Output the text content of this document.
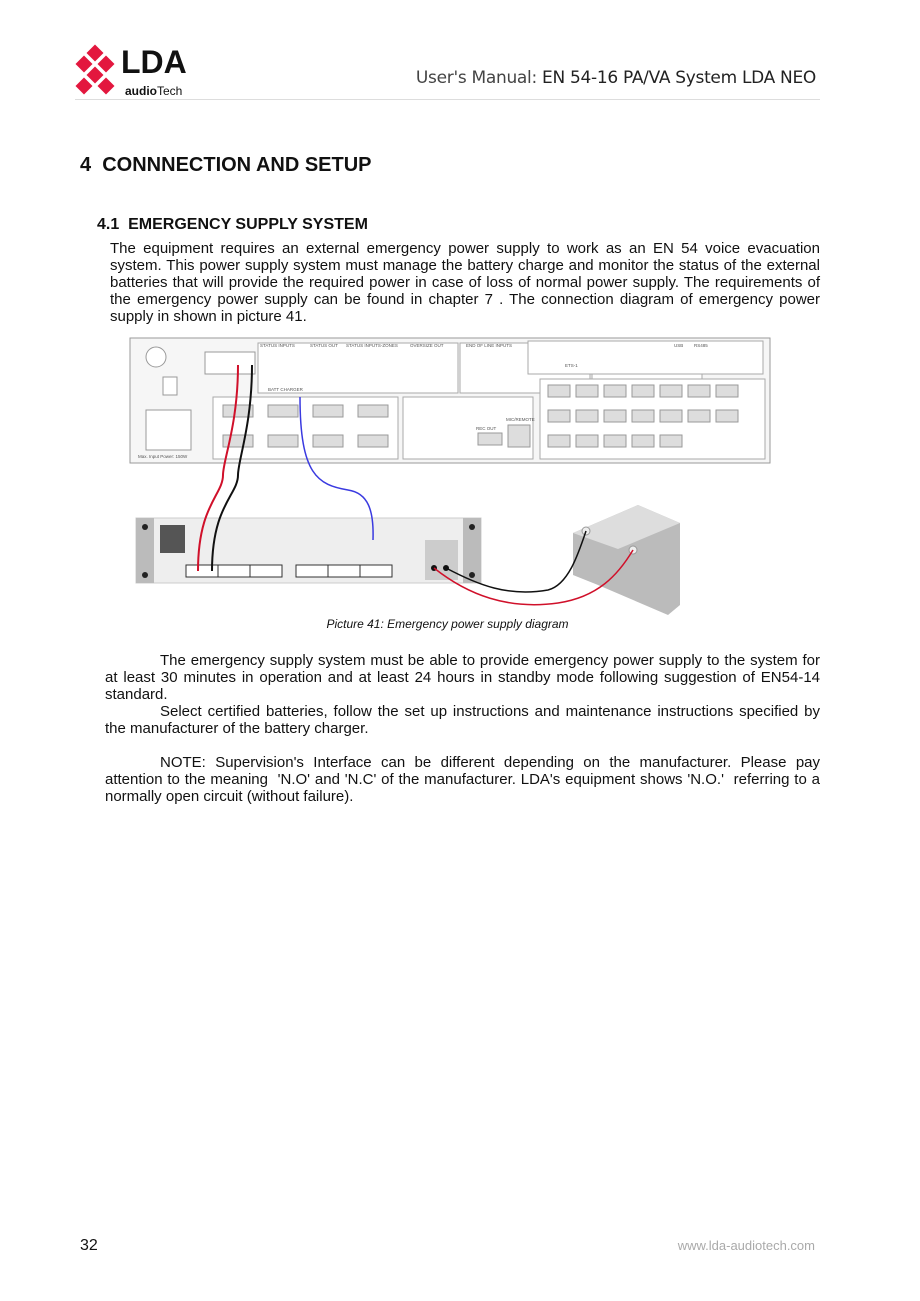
LDA
audioTech
User's Manual: EN 54-16 PA/VA System LDA NEO
4  CONNNECTION AND SETUP
4.1  EMERGENCY SUPPLY SYSTEM
The equipment requires an external emergency power supply to work as an EN 54 voice evacuation system. This power supply system must manage the battery charge and monitor the status of the external batteries that will provide the required power in case of loss of normal power supply. The requirements of the emergency power supply can be found in chapter 7 . The connection diagram of emergency power supply in shown in picture 41.
STATUS INPUTS	STATUS OUT STATUS INPUTS-ZONES	OVERSIZE OUT	END OF LINE INPUTS
REC OUT
MIC/REMOTE
ETS-1
USB RS485
BATT CHARGER
Max. Input Power: 150W
Picture 41: Emergency power supply diagram

The emergency supply system must be able to provide emergency power supply to the system for at least 30 minutes in operation and at least 24 hours in standby mode following suggestion of EN54-14 standard.

Select certified batteries, follow the set up instructions and maintenance instructions specified by the manufacturer of the battery charger.

NOTE: Supervision's Interface can be different depending on the manufacturer. Please pay attention to the meaning  'N.O' and 'N.C' of the manufacturer. LDA's equipment shows 'N.O.'  referring to a normally open circuit (without failure).

32	www.lda-audiotech.com
